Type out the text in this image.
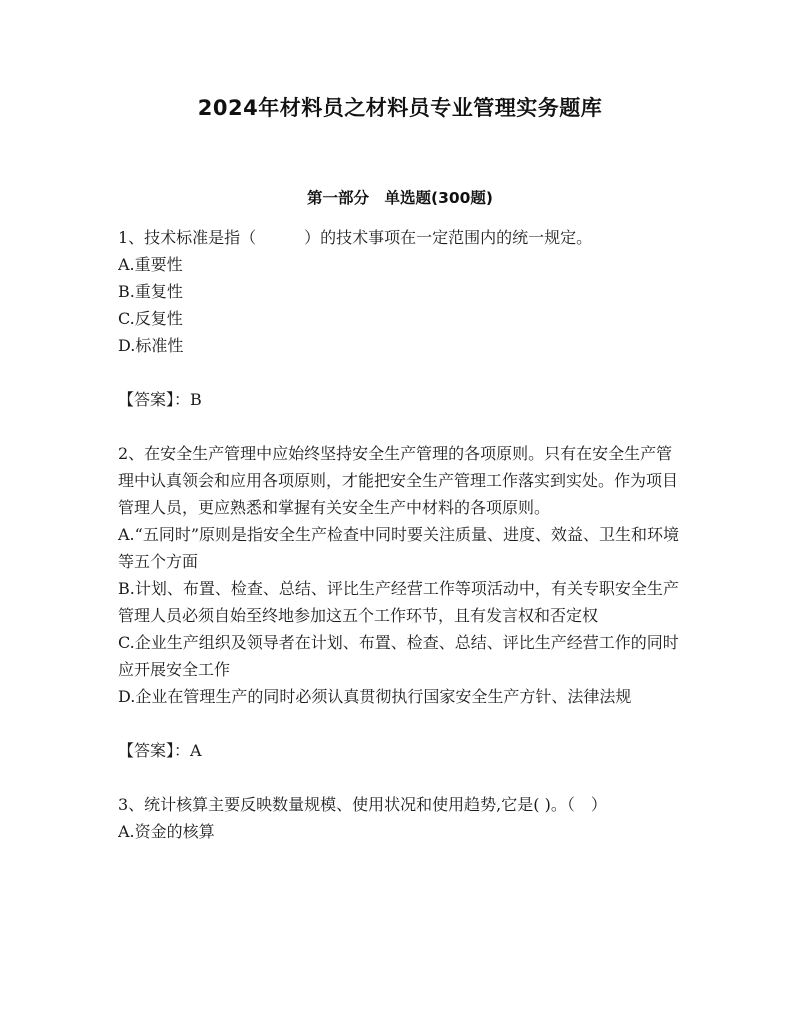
2024年材料员之材料员专业管理实务题库
第一部分　单选题(300题)

1、技术标准是指（　　　）的技术事项在一定范围内的统一规定。

A.重要性

B.重复性

C.反复性

D.标准性

【答案】：B

2、在安全生产管理中应始终坚持安全生产管理的各项原则。只有在安全生产管理中认真领会和应用各项原则，才能把安全生产管理工作落实到实处。作为项目管理人员，更应熟悉和掌握有关安全生产中材料的各项原则。

A.“五同时”原则是指安全生产检查中同时要关注质量、进度、效益、卫生和环境等五个方面

B.计划、布置、检查、总结、评比生产经营工作等项活动中，有关专职安全生产管理人员必须自始至终地参加这五个工作环节，且有发言权和否定权

C.企业生产组织及领导者在计划、布置、检查、总结、评比生产经营工作的同时应开展安全工作

D.企业在管理生产的同时必须认真贯彻执行国家安全生产方针、法律法规

【答案】：A

3、统计核算主要反映数量规模、使用状况和使用趋势,它是( )。（　）

A.资金的核算
